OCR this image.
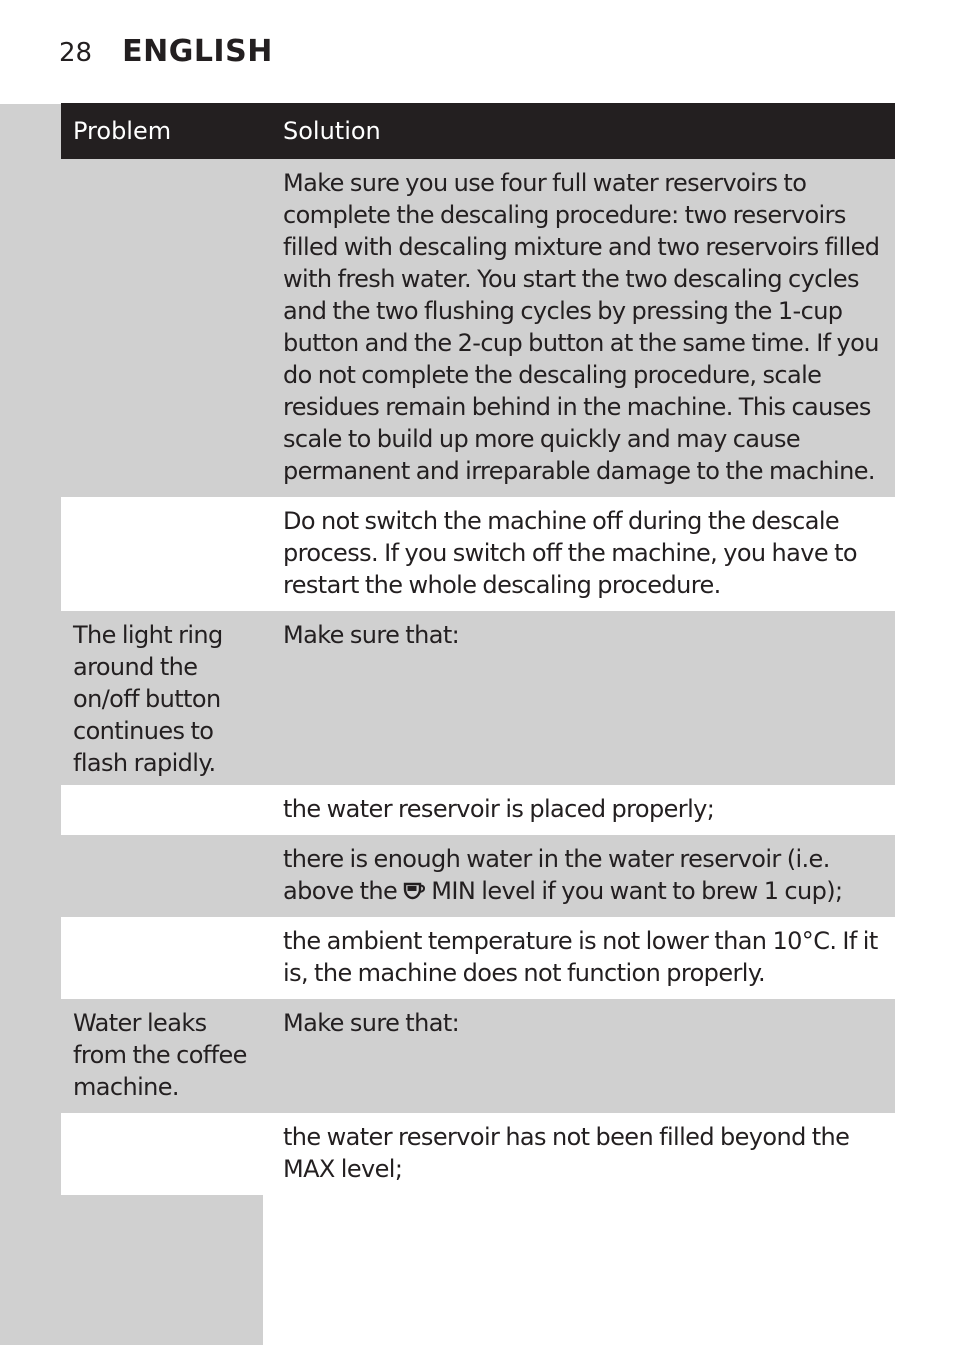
28 ENGLISH
Problem	Solution
	Make sure you use four full water reservoirs to complete the descaling procedure: two reservoirs filled with descaling mixture and two reservoirs filled with fresh water. You start the two descaling cycles and the two flushing cycles by pressing the 1-cup button and the 2-cup button at the same time. If you do not complete the descaling procedure, scale residues remain behind in the machine. This causes scale to build up more quickly and may cause permanent and irreparable damage to the machine.
	Do not switch the machine off during the descale process. If you switch off the machine, you have to restart the whole descaling procedure.
The light ring around the on/off button continues to flash rapidly.	Make sure that:
	the water reservoir is placed properly;
	there is enough water in the water reservoir (i.e. above the MIN level if you want to brew 1 cup);
	the ambient temperature is not lower than 10°C. If it is, the machine does not function properly.
Water leaks from the coffee machine.	Make sure that:
	the water reservoir has not been filled beyond the MAX level;
